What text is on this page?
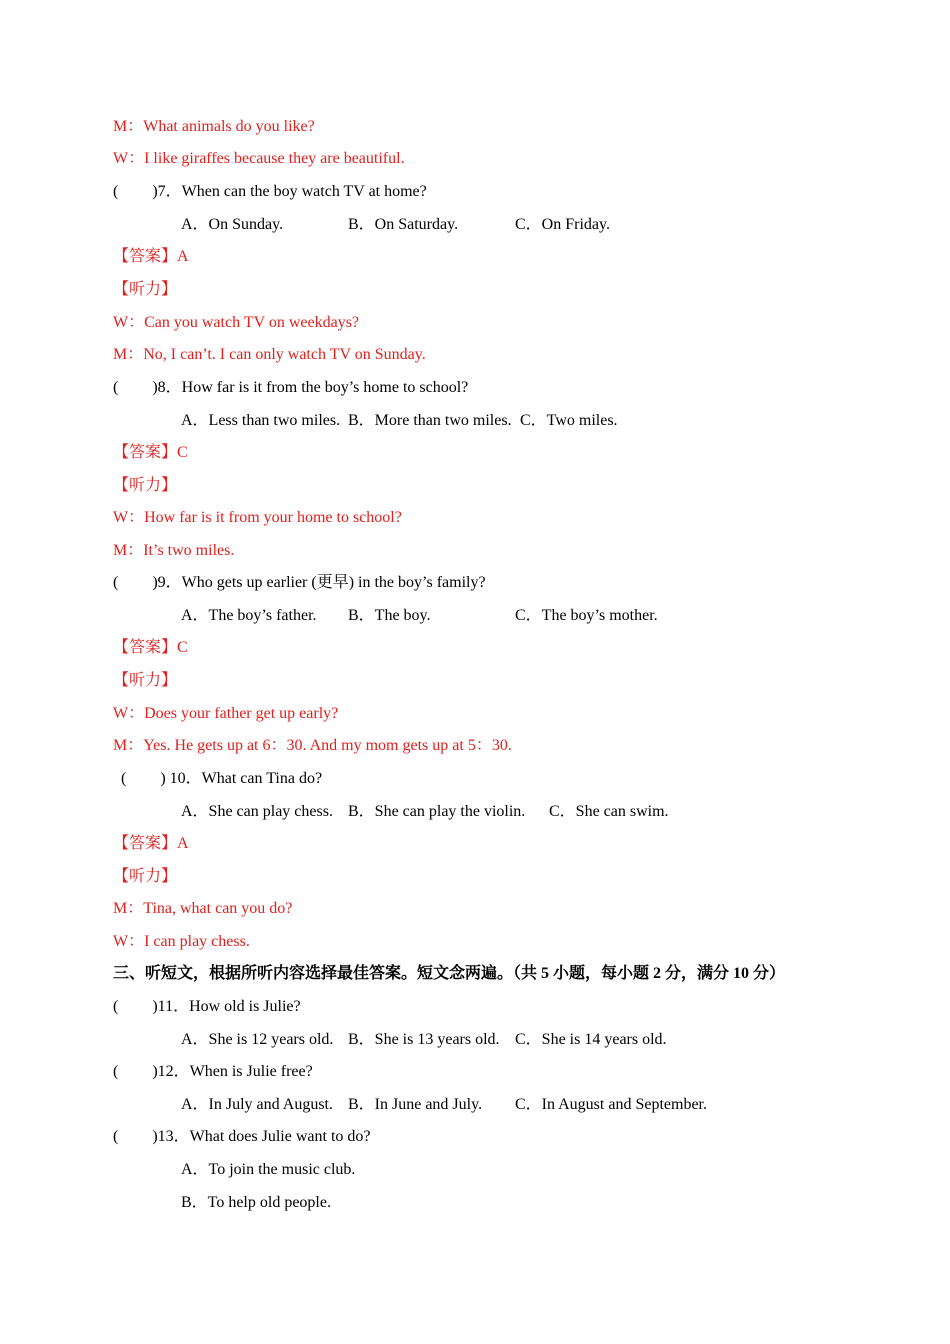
M：What animals do you like?
W：I like giraffes because they are beautiful.
( )7．When can the boy watch TV at home?
A．On Sunday.	B．On Saturday.	C．On Friday.
【答案】A
【听力】
W：Can you watch TV on weekdays?
M：No, I can’t. I can only watch TV on Sunday.
( )8．How far is it from the boy’s home to school?
A．Less than two miles. B．More than two miles. C．Two miles.
【答案】C
【听力】
W：How far is it from your home to school?
M：It’s two miles.
( )9．Who gets up earlier (更早) in the boy’s family?
A．The boy’s father. B．The boy.	C．The boy’s mother.
【答案】C
【听力】
W：Does your father get up early?
M：Yes. He gets up at 6：30. And my mom gets up at 5：30.
( ) 10．What can Tina do?
A．She can play chess. B．She can play the violin. C．She can swim.
【答案】A
【听力】
M：Tina, what can you do?
W：I can play chess.
三、听短文，根据所听内容选择最佳答案。短文念两遍。（共 5 小题，每小题 2 分，满分 10 分）
( )11．How old is Julie?
A．She is 12 years old. B．She is 13 years old. C．She is 14 years old.
( )12．When is Julie free?
A．In July and August. B．In June and July. C．In August and September.
( )13．What does Julie want to do?
A．To join the music club.
B．To help old people.
